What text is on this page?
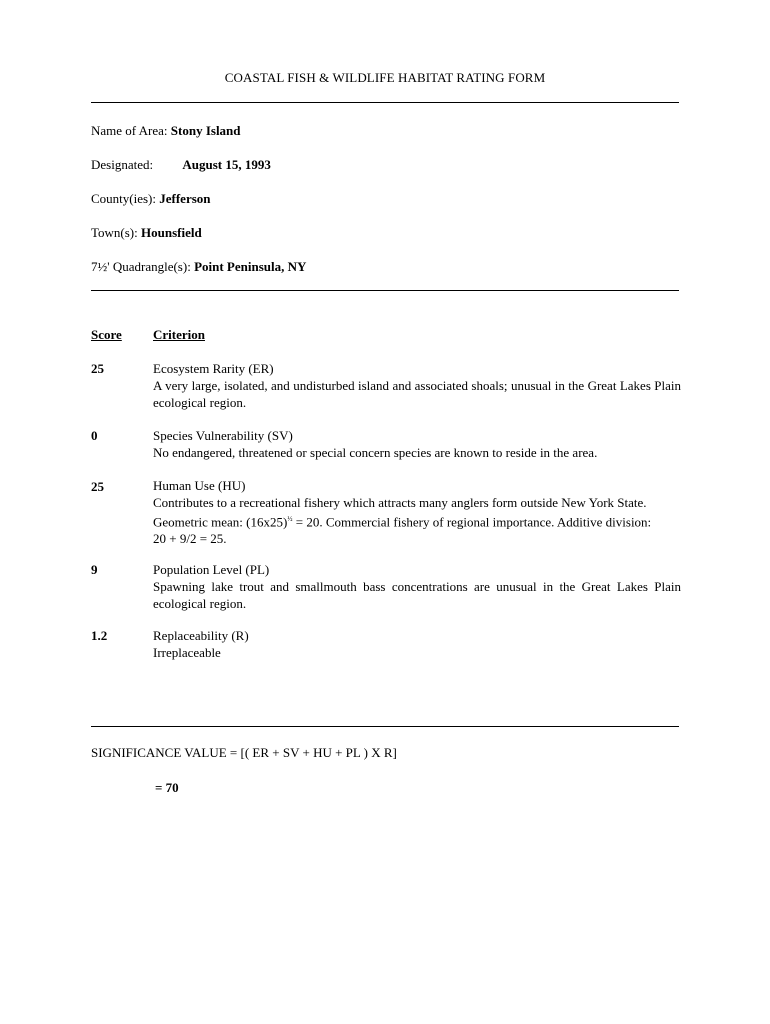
COASTAL FISH & WILDLIFE HABITAT RATING FORM
Name of Area: Stony Island
Designated: August 15, 1993
County(ies): Jefferson
Town(s): Hounsfield
7½' Quadrangle(s): Point Peninsula, NY
Score Criterion
25	Ecosystem Rarity (ER)
A very large, isolated, and undisturbed island and associated shoals; unusual in the Great Lakes Plain ecological region.
0	Species Vulnerability (SV)
No endangered, threatened or special concern species are known to reside in the area.
25	Human Use (HU)
Contributes to a recreational fishery which attracts many anglers form outside New York State.
Geometric mean: $(16x25)^{\frac{1}{2}} = 20$. Commercial fishery of regional importance. Additive division:
20 + 9/2 = 25.
9	Population Level (PL)
Spawning lake trout and smallmouth bass concentrations are unusual in the Great Lakes Plain ecological region.
1.2	Replaceability (R)
Irreplaceable
SIGNIFICANCE VALUE = [( ER + SV + HU + PL ) X R]
= 70
